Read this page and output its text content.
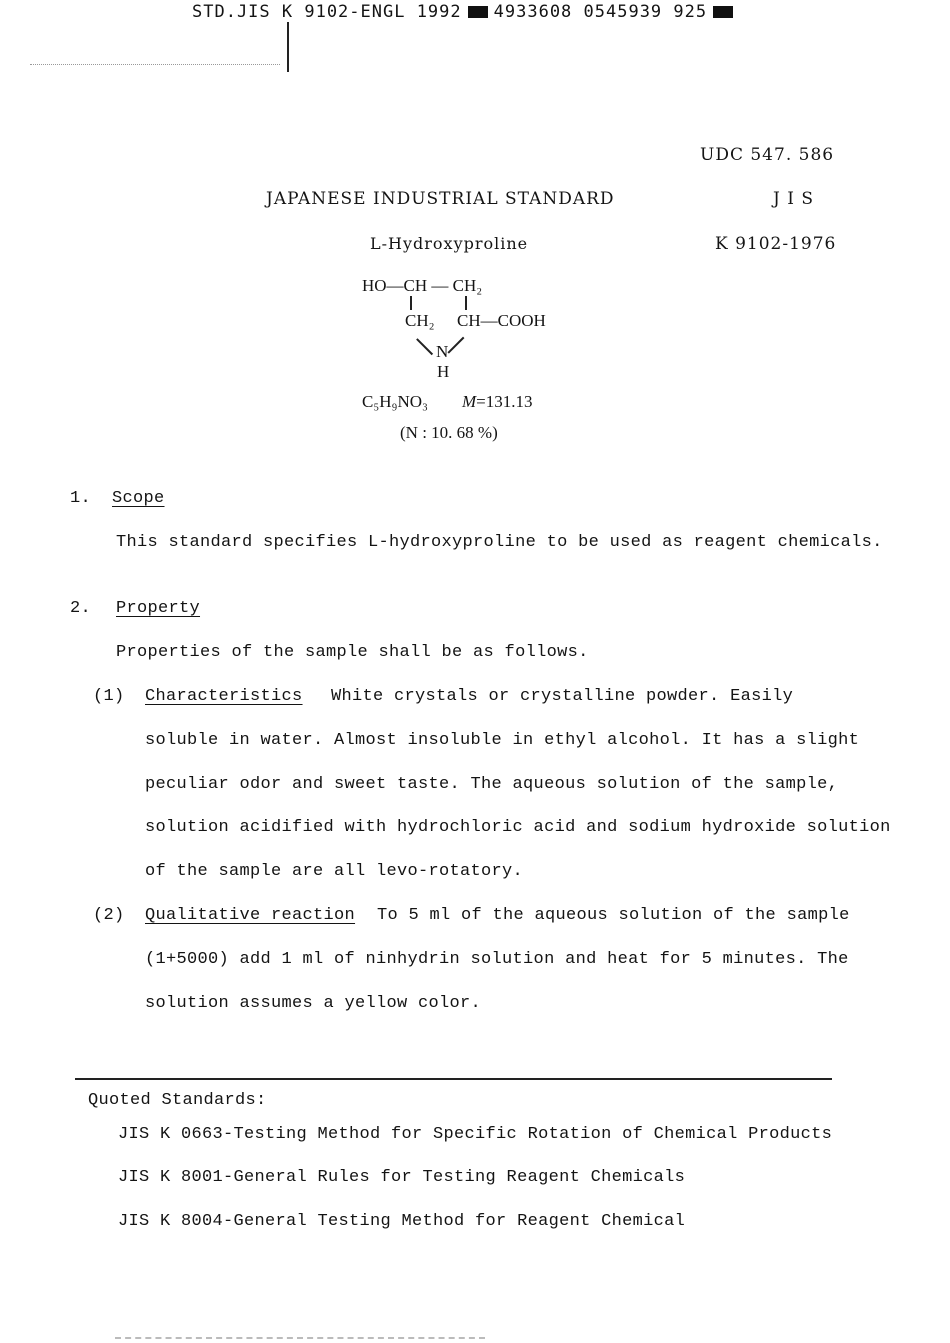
STD.JIS K 9102-ENGL 1992 4933608 0545939 925
UDC 547. 586
JAPANESE INDUSTRIAL STANDARD	J I S
L-Hydroxyproline	K 9102-1976
HO—CH — CH₂
CH₂ CH—COOH
N
H
C₅H₉NO₃ M=131.13
(N : 10. 68 %)
1. Scope
This standard specifies L-hydroxyproline to be used as reagent chemicals.
2. Property
Properties of the sample shall be as follows.
(1) Characteristics White crystals or crystalline powder. Easily
soluble in water. Almost insoluble in ethyl alcohol. It has a slight
peculiar odor and sweet taste. The aqueous solution of the sample,
solution acidified with hydrochloric acid and sodium hydroxide solution
of the sample are all levo-rotatory.
(2) Qualitative reaction To 5 ml of the aqueous solution of the sample
(1+5000) add 1 ml of ninhydrin solution and heat for 5 minutes. The
solution assumes a yellow color.
Quoted Standards:
JIS K 0663-Testing Method for Specific Rotation of Chemical Products
JIS K 8001-General Rules for Testing Reagent Chemicals
JIS K 8004-General Testing Method for Reagent Chemical
